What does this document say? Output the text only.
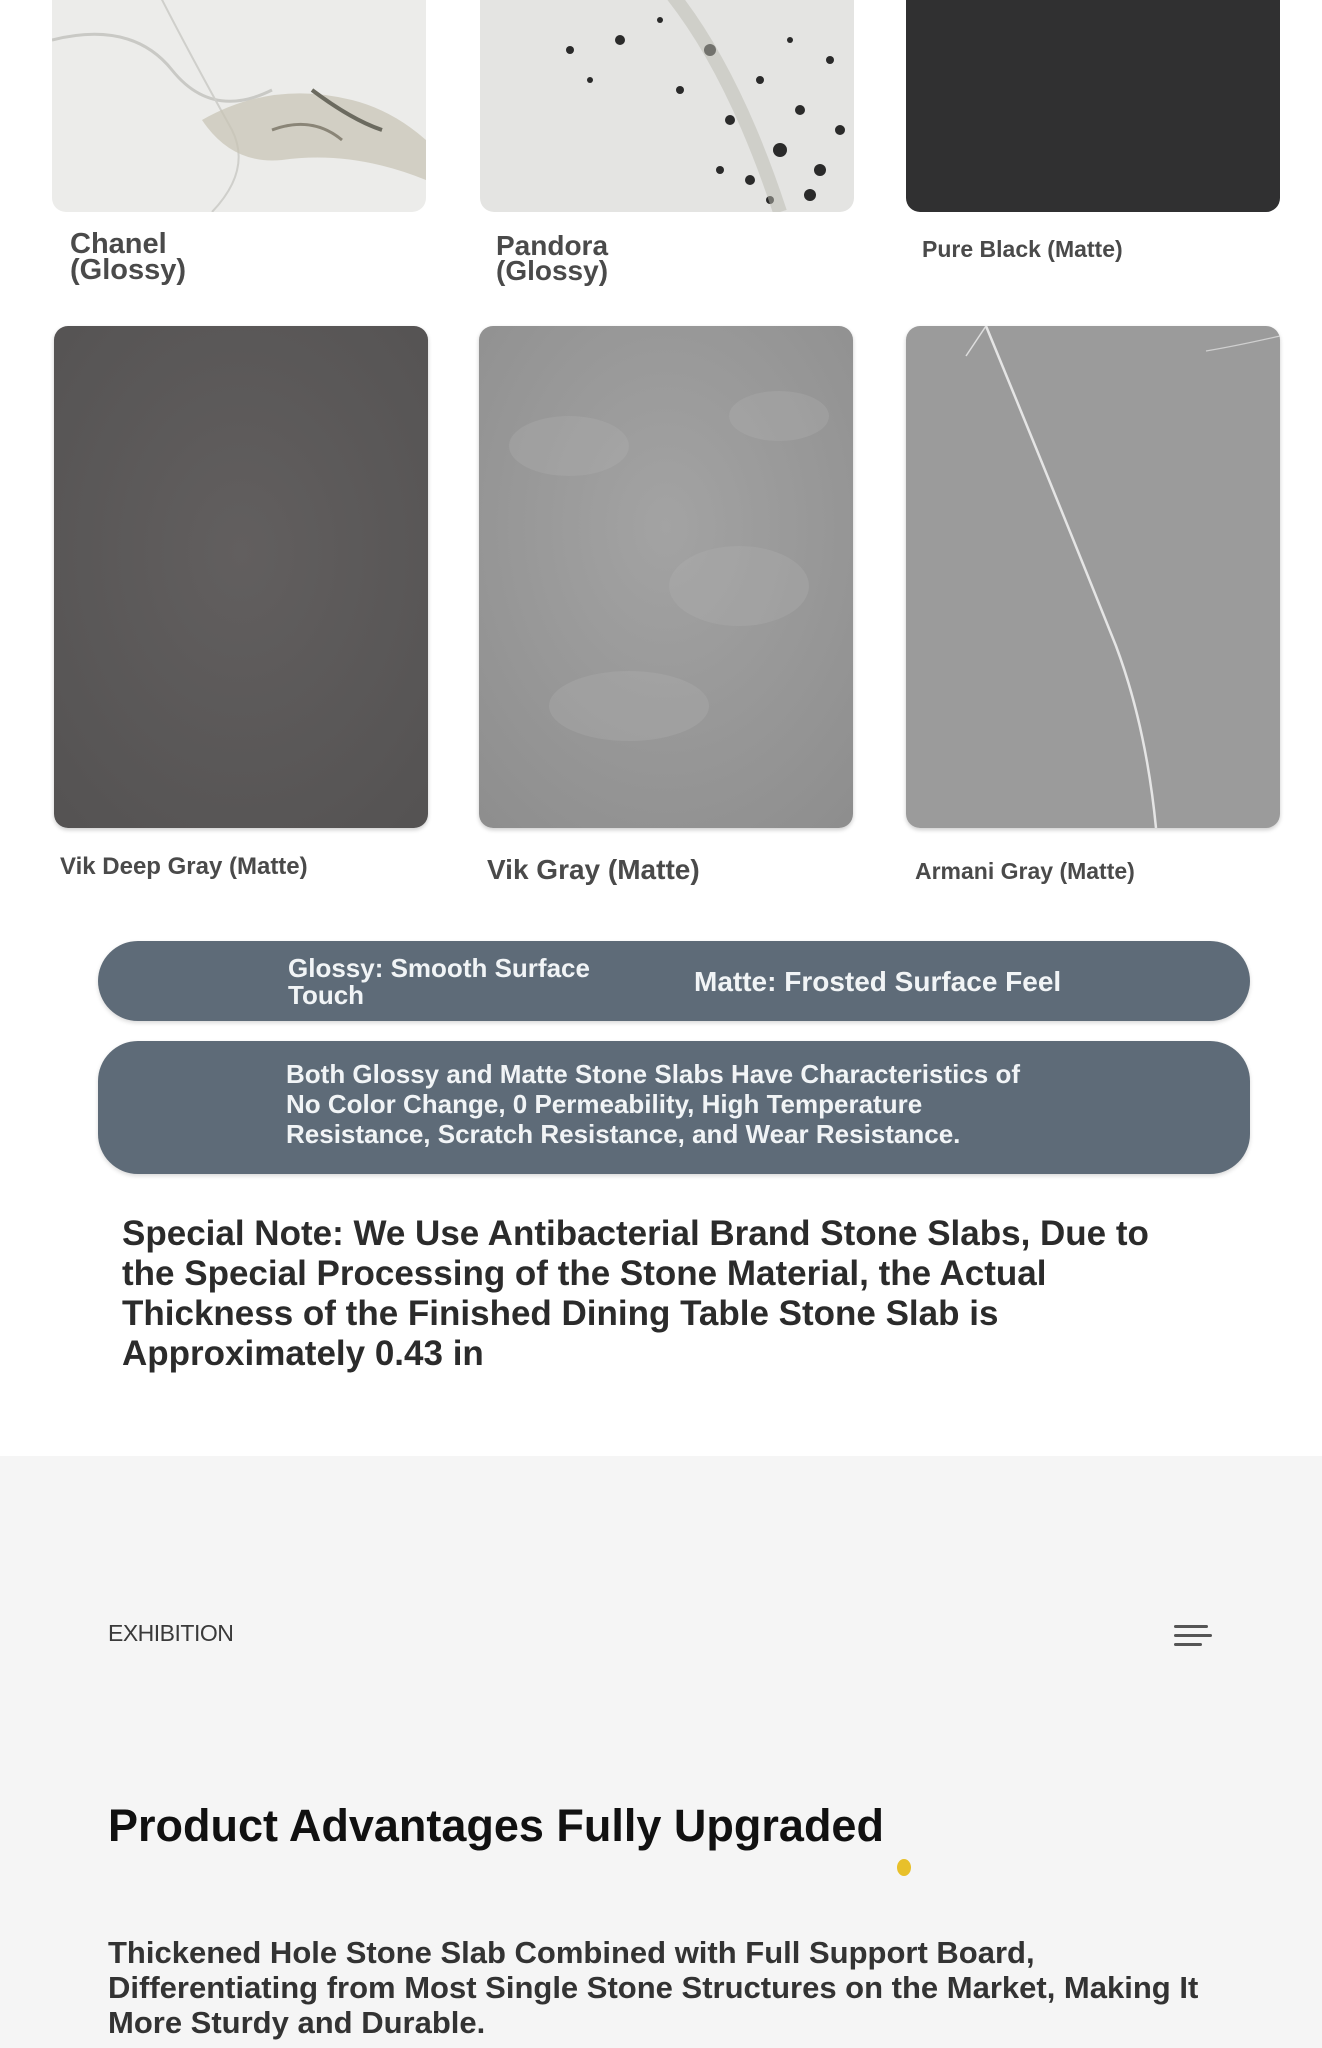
Chanel
(Glossy)
Pandora
(Glossy)
Pure Black (Matte)
Vik Deep Gray (Matte)	Vik Gray (Matte)	Armani Gray (Matte)
Glossy: Smooth Surface
Touch	Matte: Frosted Surface Feel
Both Glossy and Matte Stone Slabs Have Characteristics of No Color Change, 0 Permeability, High Temperature Resistance, Scratch Resistance, and Wear Resistance.
Special Note: We Use Antibacterial Brand Stone Slabs, Due to the Special Processing of the Stone Material, the Actual Thickness of the Finished Dining Table Stone Slab is Approximately 0.43 in
EXHIBITION
Product Advantages Fully Upgraded
Thickened Hole Stone Slab Combined with Full Support Board, Differentiating from Most Single Stone Structures on the Market, Making It More Sturdy and Durable.
